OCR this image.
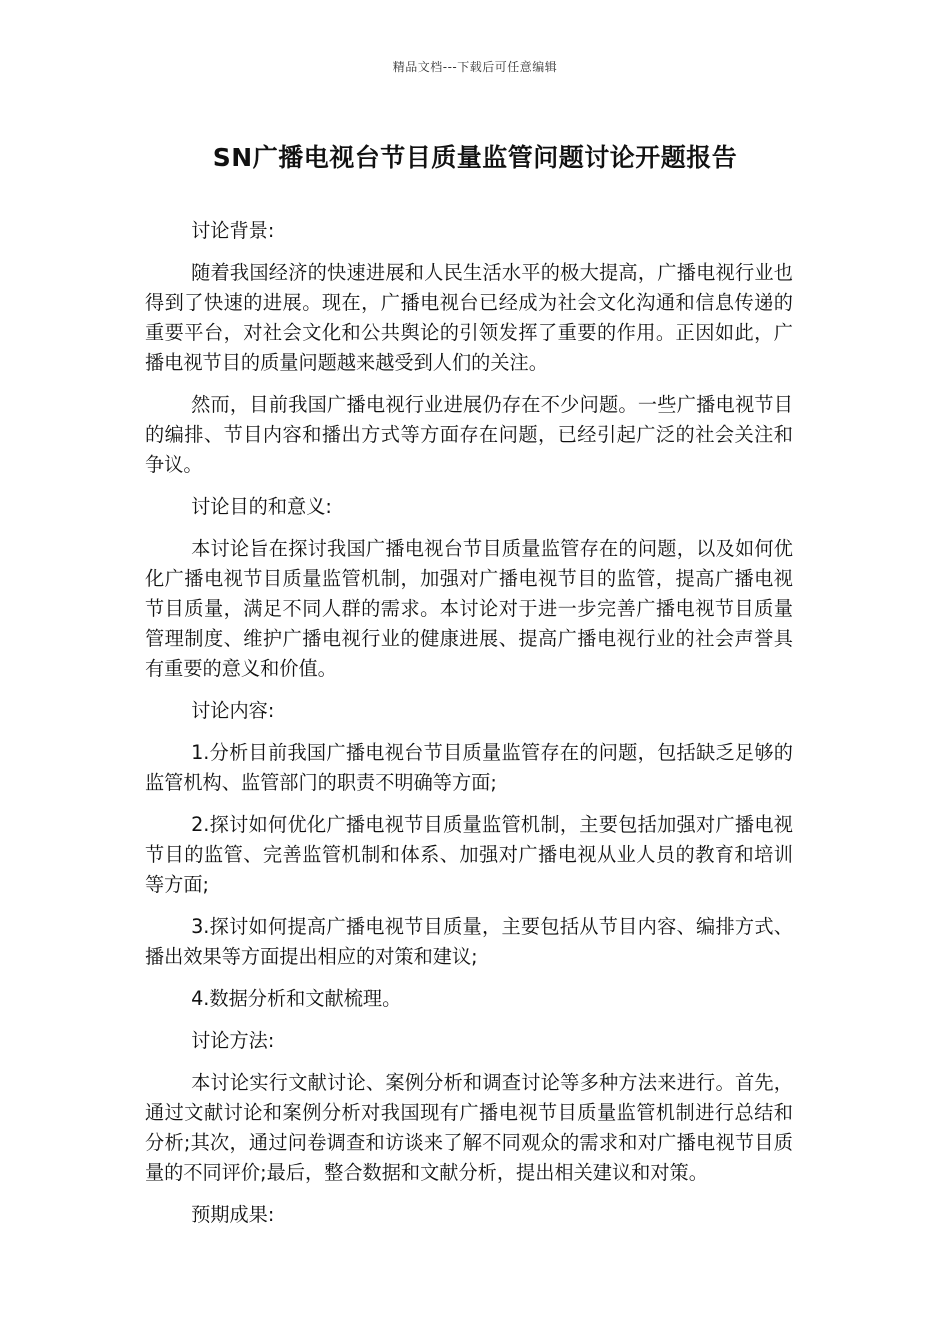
精品文档---下载后可任意编辑
SN广播电视台节目质量监管问题讨论开题报告

讨论背景:

随着我国经济的快速进展和人民生活水平的极大提高，广播电视行业也得到了快速的进展。现在，广播电视台已经成为社会文化沟通和信息传递的重要平台，对社会文化和公共舆论的引领发挥了重要的作用。正因如此，广播电视节目的质量问题越来越受到人们的关注。

然而，目前我国广播电视行业进展仍存在不少问题。一些广播电视节目的编排、节目内容和播出方式等方面存在问题，已经引起广泛的社会关注和争议。

讨论目的和意义:

本讨论旨在探讨我国广播电视台节目质量监管存在的问题，以及如何优化广播电视节目质量监管机制，加强对广播电视节目的监管，提高广播电视节目质量，满足不同人群的需求。本讨论对于进一步完善广播电视节目质量管理制度、维护广播电视行业的健康进展、提高广播电视行业的社会声誉具有重要的意义和价值。

讨论内容:

1.分析目前我国广播电视台节目质量监管存在的问题，包括缺乏足够的监管机构、监管部门的职责不明确等方面;

2.探讨如何优化广播电视节目质量监管机制，主要包括加强对广播电视节目的监管、完善监管机制和体系、加强对广播电视从业人员的教育和培训等方面;

3.探讨如何提高广播电视节目质量，主要包括从节目内容、编排方式、播出效果等方面提出相应的对策和建议;

4.数据分析和文献梳理。

讨论方法:

本讨论实行文献讨论、案例分析和调查讨论等多种方法来进行。首先，通过文献讨论和案例分析对我国现有广播电视节目质量监管机制进行总结和分析;其次，通过问卷调查和访谈来了解不同观众的需求和对广播电视节目质量的不同评价;最后，整合数据和文献分析，提出相关建议和对策。

预期成果:
